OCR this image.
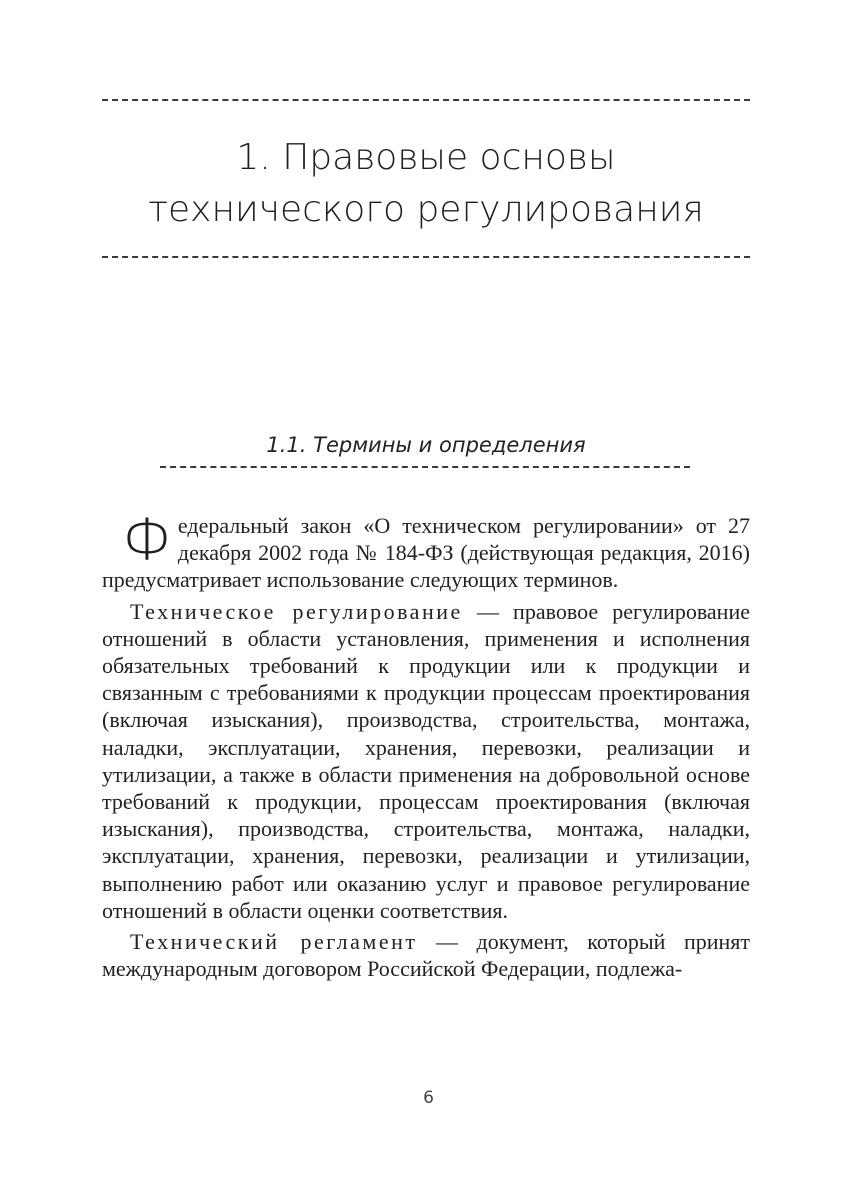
1. Правовые основы
технического регулирования
1.1. Термины и определения

Федеральный закон «О техническом регулировании» от 27 декабря 2002 года № 184-ФЗ (действующая редакция, 2016) предусматривает использование следующих терминов.

Техническое регулирование — правовое регулирование отношений в области установления, применения и исполнения обязательных требований к продукции или к продукции и связанным с требованиями к продукции процессам проектирования (включая изыскания), производства, строительства, монтажа, наладки, эксплуатации, хранения, перевозки, реализации и утилизации, а также в области применения на добровольной основе требований к продукции, процессам проектирования (включая изыскания), производства, строительства, монтажа, наладки, эксплуатации, хранения, перевозки, реализации и утилизации, выполнению работ или оказанию услуг и правовое регулирование отношений в области оценки соответствия.

Технический регламент — документ, который принят международным договором Российской Федерации, подлежа-

6
